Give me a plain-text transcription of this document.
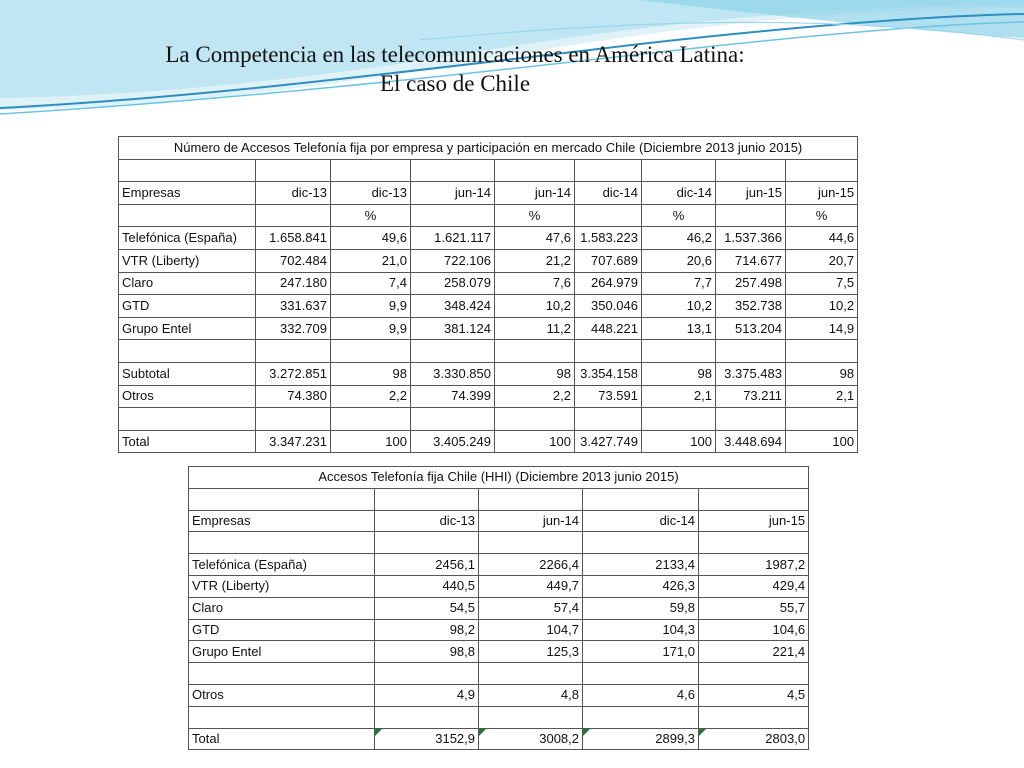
La Competencia en las telecomunicaciones en América Latina:
El caso de Chile
Número de Accesos Telefonía fija por empresa y participación en mercado Chile (Diciembre 2013 junio 2015)								

Empresas	dic-13	dic-13	jun-14	jun-14	dic-14	dic-14	jun-15	jun-15
		%		%		%		%
Telefónica (España)	1.658.841	49,6	1.621.117	47,6	1.583.223	46,2	1.537.366	44,6
VTR (Liberty)	702.484	21,0	722.106	21,2	707.689	20,6	714.677	20,7
Claro	247.180	7,4	258.079	7,6	264.979	7,7	257.498	7,5
GTD	331.637	9,9	348.424	10,2	350.046	10,2	352.738	10,2
Grupo Entel	332.709	9,9	381.124	11,2	448.221	13,1	513.204	14,9

Subtotal	3.272.851	98	3.330.850	98	3.354.158	98	3.375.483	98
Otros	74.380	2,2	74.399	2,2	73.591	2,1	73.211	2,1

Total	3.347.231	100	3.405.249	100	3.427.749	100	3.448.694	100
Accesos Telefonía fija Chile (HHI) (Diciembre 2013 junio 2015)				

Empresas	dic-13	jun-14	dic-14	jun-15

Telefónica (España)	2456,1	2266,4	2133,4	1987,2
VTR (Liberty)	440,5	449,7	426,3	429,4
Claro	54,5	57,4	59,8	55,7
GTD	98,2	104,7	104,3	104,6
Grupo Entel	98,8	125,3	171,0	221,4

Otros	4,9	4,8	4,6	4,5

Total	3152,9	3008,2	2899,3	2803,0
